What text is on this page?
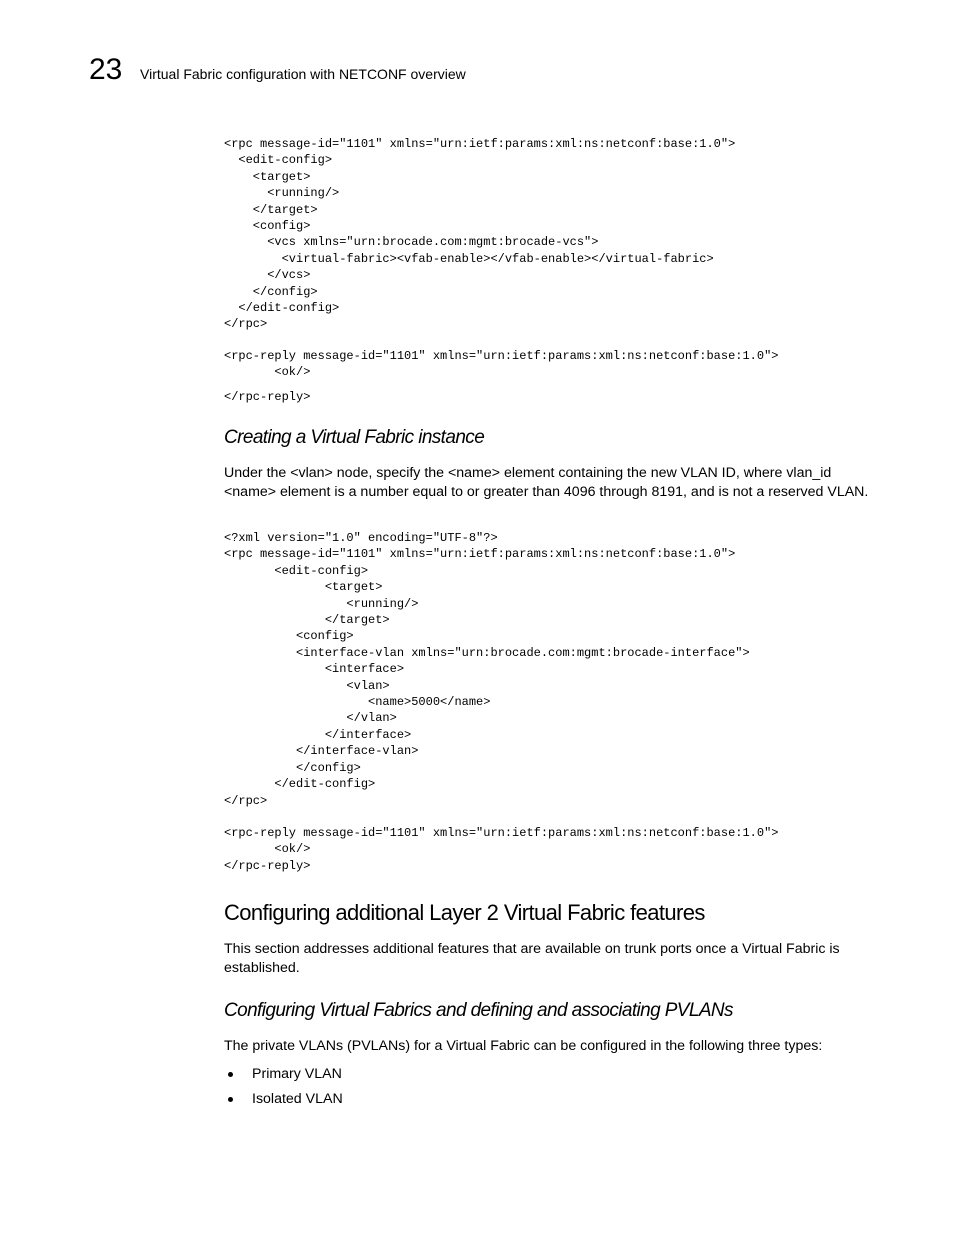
23 Virtual Fabric configuration with NETCONF overview
<rpc message-id="1101" xmlns="urn:ietf:params:xml:ns:netconf:base:1.0">
<edit-config>
<target>
<running/>
</target>
<config>
<vcs xmlns="urn:brocade.com:mgmt:brocade-vcs">
<virtual-fabric><vfab-enable></vfab-enable></virtual-fabric>
</vcs>
</config>
</edit-config>
</rpc>
<rpc-reply message-id="1101" xmlns="urn:ietf:params:xml:ns:netconf:base:1.0">
<ok/>
</rpc-reply>
Creating a Virtual Fabric instance

Under the <vlan> node, specify the <name> element containing the new VLAN ID, where vlan_id <name> element is a number equal to or greater than 4096 through 8191, and is not a reserved VLAN.

<?xml version="1.0" encoding="UTF-8"?>
<rpc message-id="1101" xmlns="urn:ietf:params:xml:ns:netconf:base:1.0">
<edit-config>
<target>
<running/>
</target>
<config>
<interface-vlan xmlns="urn:brocade.com:mgmt:brocade-interface">
<interface>
<vlan>
<name>5000</name>
</vlan>
</interface>
</interface-vlan>
</config>
</edit-config>
</rpc>
<rpc-reply message-id="1101" xmlns="urn:ietf:params:xml:ns:netconf:base:1.0">
<ok/>
</rpc-reply>
Configuring additional Layer 2 Virtual Fabric features

This section addresses additional features that are available on trunk ports once a Virtual Fabric is established.

Configuring Virtual Fabrics and defining and associating PVLANs

The private VLANs (PVLANs) for a Virtual Fabric can be configured in the following three types:

Primary VLAN
Isolated VLAN
